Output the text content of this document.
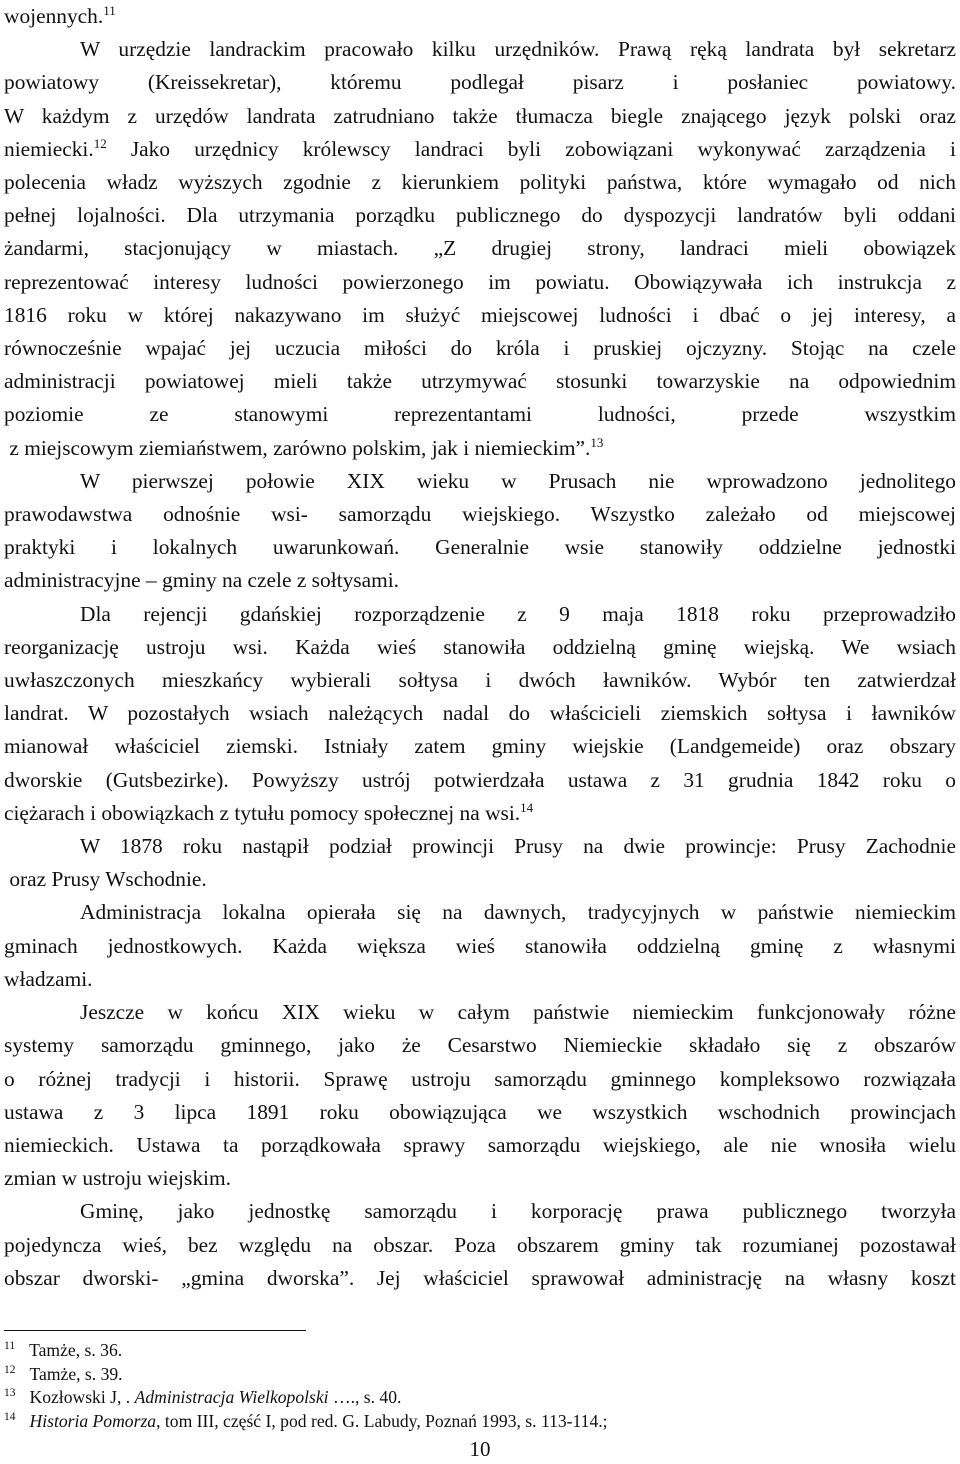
wojennych.$^{11}$
W urzędzie landrackim pracowało kilku urzędników. Prawą ręką landrata był sekretarz
powiatowy (Kreissekretar), któremu podlegał pisarz i posłaniec powiatowy.
W każdym z urzędów landrata zatrudniano także tłumacza biegle znającego język polski oraz
niemiecki.$^{12}$ Jako urzędnicy królewscy landraci byli zobowiązani wykonywać zarządzenia i
polecenia władz wyższych zgodnie z kierunkiem polityki państwa, które wymagało od nich
pełnej lojalności. Dla utrzymania porządku publicznego do dyspozycji landratów byli oddani
żandarmi, stacjonujący w miastach. „Z drugiej strony, landraci mieli obowiązek
reprezentować interesy ludności powierzonego im powiatu. Obowiązywała ich instrukcja z
1816 roku w której nakazywano im służyć miejscowej ludności i dbać o jej interesy, a
równocześnie wpajać jej uczucia miłości do króla i pruskiej ojczyzny. Stojąc na czele
administracji powiatowej mieli także utrzymywać stosunki towarzyskie na odpowiednim
poziomie ze stanowymi reprezentantami ludności, przede wszystkim
z miejscowym ziemiaństwem, zarówno polskim, jak i niemieckim”.$^{13}$
W pierwszej połowie XIX wieku w Prusach nie wprowadzono jednolitego
prawodawstwa odnośnie wsi- samorządu wiejskiego. Wszystko zależało od miejscowej
praktyki i lokalnych uwarunkowań. Generalnie wsie stanowiły oddzielne jednostki
administracyjne – gminy na czele z sołtysami.
Dla rejencji gdańskiej rozporządzenie z 9 maja 1818 roku przeprowadziło
reorganizację ustroju wsi. Każda wieś stanowiła oddzielną gminę wiejską. We wsiach
uwłaszczonych mieszkańcy wybierali sołtysa i dwóch ławników. Wybór ten zatwierdzał
landrat. W pozostałych wsiach należących nadal do właścicieli ziemskich sołtysa i ławników
mianował właściciel ziemski. Istniały zatem gminy wiejskie (Landgemeide) oraz obszary
dworskie (Gutsbezirke). Powyższy ustrój potwierdzała ustawa z 31 grudnia 1842 roku o
ciężarach i obowiązkach z tytułu pomocy społecznej na wsi.$^{14}$
W 1878 roku nastąpił podział prowincji Prusy na dwie prowincje: Prusy Zachodnie
oraz Prusy Wschodnie.
Administracja lokalna opierała się na dawnych, tradycyjnych w państwie niemieckim
gminach jednostkowych. Każda większa wieś stanowiła oddzielną gminę z własnymi
władzami.
Jeszcze w końcu XIX wieku w całym państwie niemieckim funkcjonowały różne
systemy samorządu gminnego, jako że Cesarstwo Niemieckie składało się z obszarów
o różnej tradycji i historii. Sprawę ustroju samorządu gminnego kompleksowo rozwiązała
ustawa z 3 lipca 1891 roku obowiązująca we wszystkich wschodnich prowincjach
niemieckich. Ustawa ta porządkowała sprawy samorządu wiejskiego, ale nie wnosiła wielu
zmian w ustroju wiejskim.
Gminę, jako jednostkę samorządu i korporację prawa publicznego tworzyła
pojedyncza wieś, bez względu na obszar. Poza obszarem gminy tak rozumianej pozostawał
obszar dworski- „gmina dworska”. Jej właściciel sprawował administrację na własny koszt
$^{11}$ Tamże, s. 36.
$^{12}$ Tamże, s. 39.
$^{13}$ Kozłowski J, . Administracja Wielkopolski …., s. 40.
$^{14}$ Historia Pomorza, tom III, część I, pod red. G. Labudy, Poznań 1993, s. 113-114.;
10
